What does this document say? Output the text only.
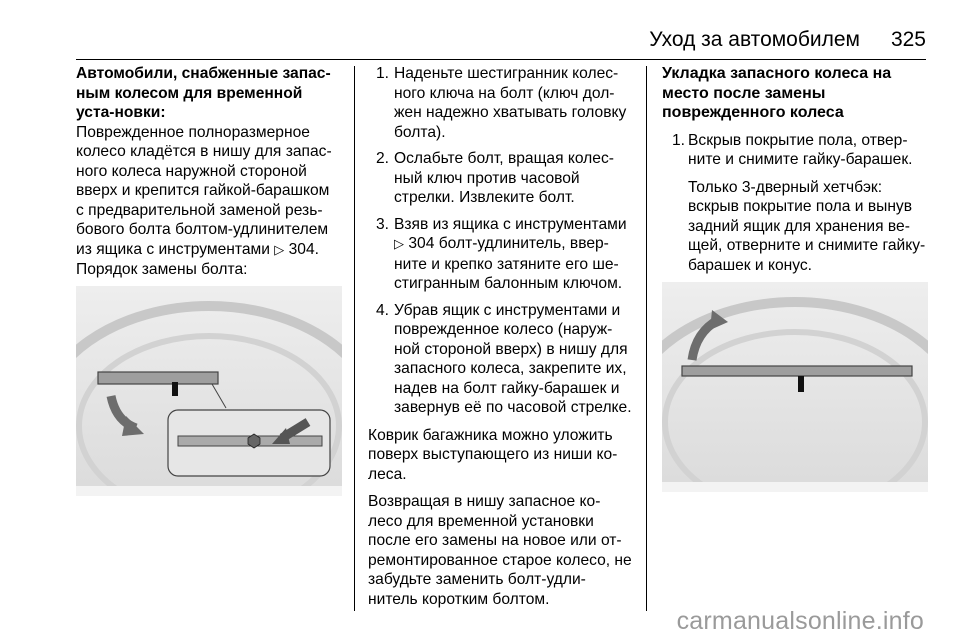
Уход за автомобилем 325

Автомобили, снабженные запас-ным колесом для временной уста-новки:

Поврежденное полноразмерное

колесо кладётся в нишу для запас-

ного колеса наружной стороной

вверх и крепится гайкой-барашком

с предварительной заменой резь-

бового болта болтом-удлинителем

из ящика с инструментами ▷ 304.

Порядок замены болта:

1. Наденьте шестигранник колес-ного ключа на болт (ключ дол-жен надежно хватывать головку болта).
2. Ослабьте болт, вращая колес-ный ключ против часовой стрелки. Извлеките болт.
3. Взяв из ящика с инструментами ▷ 304 болт-удлинитель, ввер-ните и крепко затяните его ше-стигранным балонным ключом.
4. Убрав ящик с инструментами и поврежденное колесо (наруж-ной стороной вверх) в нишу для запасного колеса, закрепите их, надев на болт гайку-барашек и завернув её по часовой стрелке.

Коврик багажника можно уложить поверх выступающего из ниши ко-леса.

Возвращая в нишу запасное ко-лесо для временной установки после его замены на новое или от-ремонтированное старое колесо, не забудьте заменить болт-удли-нитель коротким болтом.

Укладка запасного колеса на место после замены поврежденного колеса

1. Вскрыв покрытие пола, отвер-ните и снимите гайку-барашек.

Только 3-дверный хетчбэк: вскрыв покрытие пола и вынув задний ящик для хранения ве-щей, отверните и снимите гайку-барашек и конус.

carmanualsonline.info
